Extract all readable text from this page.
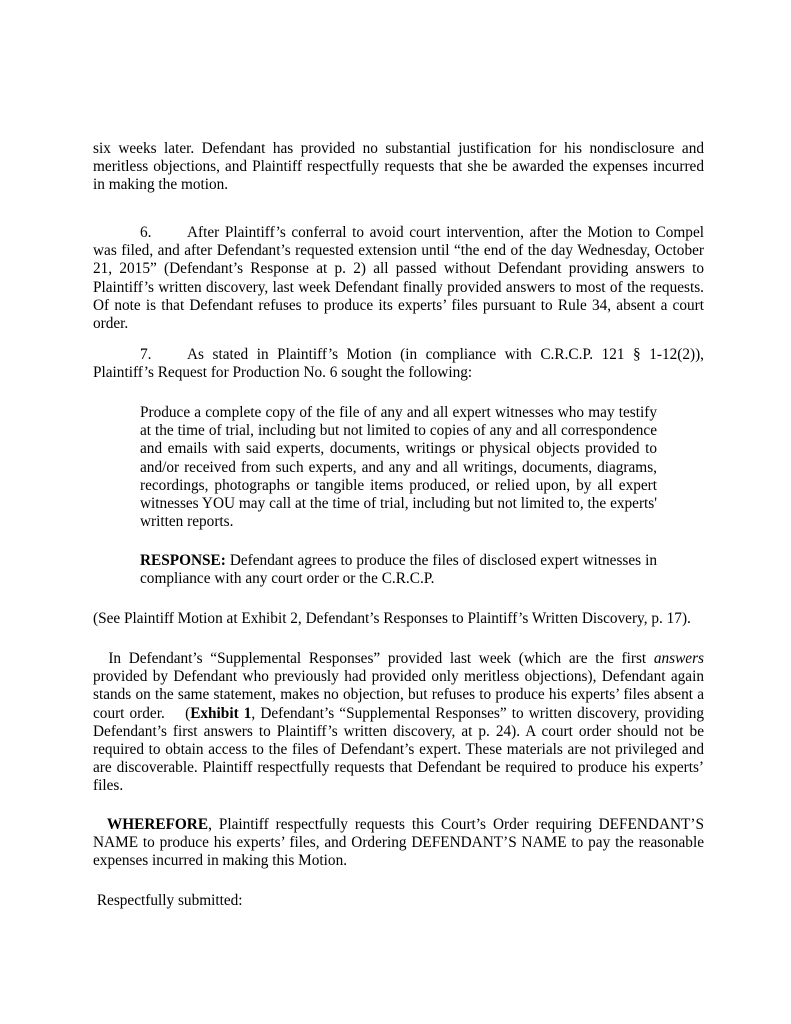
six weeks later. Defendant has provided no substantial justification for his nondisclosure and meritless objections, and Plaintiff respectfully requests that she be awarded the expenses incurred in making the motion.

6. After Plaintiff’s conferral to avoid court intervention, after the Motion to Compel was filed, and after Defendant’s requested extension until “the end of the day Wednesday, October 21, 2015” (Defendant’s Response at p. 2) all passed without Defendant providing answers to Plaintiff’s written discovery, last week Defendant finally provided answers to most of the requests. Of note is that Defendant refuses to produce its experts’ files pursuant to Rule 34, absent a court order.

7. As stated in Plaintiff’s Motion (in compliance with C.R.C.P. 121 § 1-12(2)), Plaintiff’s Request for Production No. 6 sought the following:

Produce a complete copy of the file of any and all expert witnesses who may testify at the time of trial, including but not limited to copies of any and all correspondence and emails with said experts, documents, writings or physical objects provided to and/or received from such experts, and any and all writings, documents, diagrams, recordings, photographs or tangible items produced, or relied upon, by all expert witnesses YOU may call at the time of trial, including but not limited to, the experts' written reports.

RESPONSE: Defendant agrees to produce the files of disclosed expert witnesses in compliance with any court order or the C.R.C.P.

(See Plaintiff Motion at Exhibit 2, Defendant’s Responses to Plaintiff’s Written Discovery, p. 17).

In Defendant’s “Supplemental Responses” provided last week (which are the first answers provided by Defendant who previously had provided only meritless objections), Defendant again stands on the same statement, makes no objection, but refuses to produce his experts’ files absent a court order.    (Exhibit 1, Defendant’s “Supplemental Responses” to written discovery, providing Defendant’s first answers to Plaintiff’s written discovery, at p. 24). A court order should not be required to obtain access to the files of Defendant’s expert. These materials are not privileged and are discoverable. Plaintiff respectfully requests that Defendant be required to produce his experts’ files.

WHEREFORE, Plaintiff respectfully requests this Court’s Order requiring DEFENDANT’S NAME to produce his experts’ files, and Ordering DEFENDANT’S NAME to pay the reasonable expenses incurred in making this Motion.

Respectfully submitted:
